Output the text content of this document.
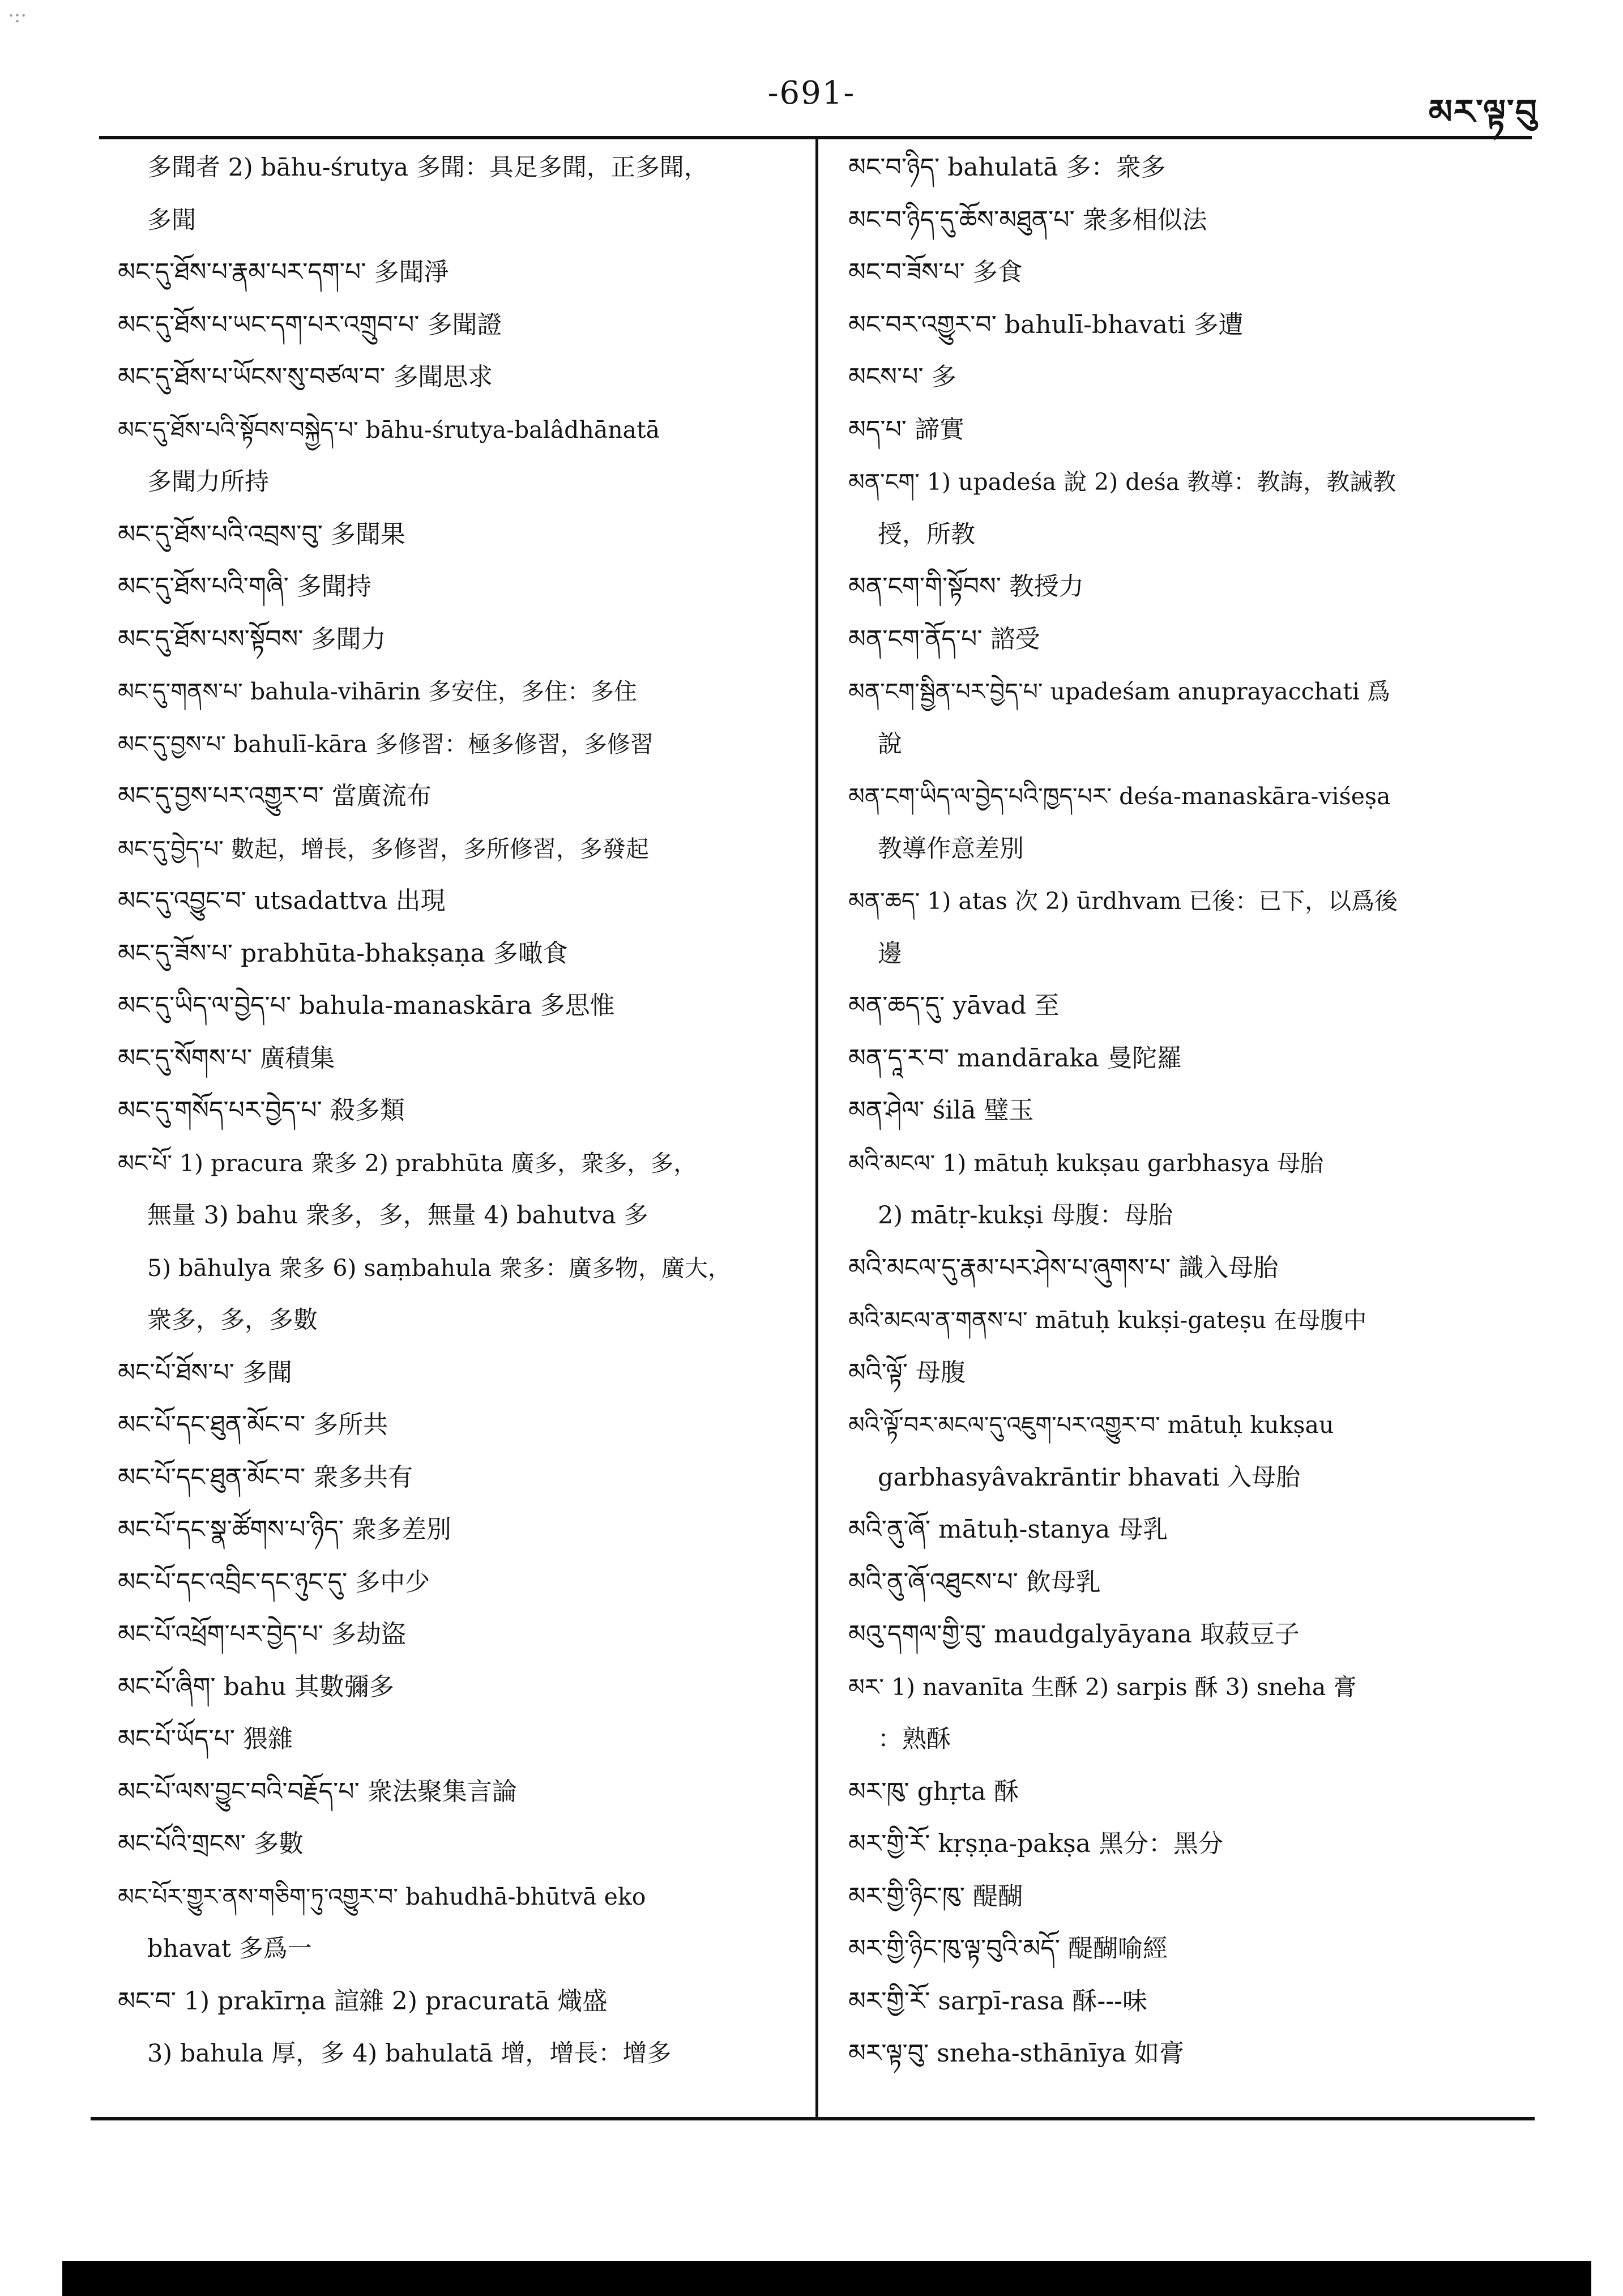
·:·
-691-	མར་ལྟ་བུ
多聞者 2) bāhu-śrutya 多聞：具足多聞，正多聞，
多聞
མང་དུ་ཐོས་པ་རྣམ་པར་དག་པ་ 多聞淨
མང་དུ་ཐོས་པ་ཡང་དག་པར་འགྲུབ་པ་ 多聞證
མང་དུ་ཐོས་པ་ཡོངས་སུ་བཙལ་བ་ 多聞思求
མང་དུ་ཐོས་པའི་སྟོབས་བསྐྱེད་པ་ bāhu-śrutya-balâdhānatā
多聞力所持
མང་དུ་ཐོས་པའི་འབྲས་བུ་ 多聞果
མང་དུ་ཐོས་པའི་གཞི་ 多聞持
མང་དུ་ཐོས་པས་སྟོབས་ 多聞力
མང་དུ་གནས་པ་ bahula-vihārin 多安住，多住：多住
མང་དུ་བྱས་པ་ bahulī-kāra 多修習：極多修習，多修習
མང་དུ་བྱས་པར་འགྱུར་བ་ 當廣流布
མང་དུ་བྱེད་པ་ 數起，增長，多修習，多所修習，多發起
མང་དུ་འབྱུང་བ་ utsadattva 出現
མང་དུ་ཟོས་པ་ prabhūta-bhakṣaṇa 多噉食
མང་དུ་ཡིད་ལ་བྱེད་པ་ bahula-manaskāra 多思惟
མང་དུ་སོགས་པ་ 廣積集
མང་དུ་གསོད་པར་བྱེད་པ་ 殺多類
མང་པོ་ 1) pracura 衆多 2) prabhūta 廣多，衆多，多，
無量 3) bahu 衆多，多，無量 4) bahutva 多
5) bāhulya 衆多 6) saṃbahula 衆多：廣多物，廣大，
衆多，多，多數
མང་པོ་ཐོས་པ་ 多聞
མང་པོ་དང་ཐུན་མོང་བ་ 多所共
མང་པོ་དང་ཐུན་མོང་བ་ 衆多共有
མང་པོ་དང་སྣ་ཚོགས་པ་ཉིད་ 衆多差別
མང་པོ་དང་འབྲིང་དང་ཉུང་དུ་ 多中少
མང་པོ་འཕྲོག་པར་བྱེད་པ་ 多劫盜
མང་པོ་ཞིག་ bahu 其數彌多
མང་པོ་ཡོད་པ་ 猥雜
མང་པོ་ལས་བྱུང་བའི་བརྗོད་པ་ 衆法聚集言論
མང་པོའི་གྲངས་ 多數
མང་པོར་གྱུར་ནས་གཅིག་ཏུ་འགྱུར་བ་ bahudhā-bhūtvā eko
bhavat 多爲一
མང་བ་ 1) prakīrṇa 諠雜 2) pracuratā 熾盛
3) bahula 厚，多 4) bahulatā 增，增長：增多
མང་བ་ཉིད་ bahulatā 多：衆多
མང་བ་ཉིད་དུ་ཆོས་མཐུན་པ་ 衆多相似法
མང་བ་ཟོས་པ་ 多食
མང་བར་འགྱུར་བ་ bahulī-bhavati 多遭
མངས་པ་ 多
མད་པ་ 諦實
མན་ངག་ 1) upadeśa 說 2) deśa 教導：教誨，教誡教
授，所教
མན་ངག་གི་སྟོབས་ 教授力
མན་ངག་ནོད་པ་ 諮受
མན་ངག་སྦྱིན་པར་བྱེད་པ་ upadeśam anuprayacchati 爲
說
མན་ངག་ཡིད་ལ་བྱེད་པའི་ཁྱད་པར་ deśa-manaskāra-viśeṣa
教導作意差別
མན་ཆད་ 1) atas 次 2) ūrdhvam 已後：已下，以爲後
邊
མན་ཆད་དུ་ yāvad 至
མན་དཱ་ར་བ་ mandāraka 曼陀羅
མན་ཤེལ་ śilā 璧玉
མའི་མངལ་ 1) mātuḥ kukṣau garbhasya 母胎
2) mātṛ-kukṣi 母腹：母胎
མའི་མངལ་དུ་རྣམ་པར་ཤེས་པ་ཞུགས་པ་ 識入母胎
མའི་མངལ་ན་གནས་པ་ mātuḥ kukṣi-gateṣu 在母腹中
མའི་ལྟོ་ 母腹
མའི་ལྟོ་བར་མངལ་དུ་འཇུག་པར་འགྱུར་བ་ mātuḥ kukṣau
garbhasyâvakrāntir bhavati 入母胎
མའི་ནུ་ཞོ་ mātuḥ-stanya 母乳
མའི་ནུ་ཞོ་འཐུངས་པ་ 飲母乳
མའུ་དགལ་གྱི་བུ་ maudgalyāyana 取菽豆子
མར་ 1) navanīta 生酥 2) sarpis 酥 3) sneha 膏
：熟酥
མར་ཁུ་ ghṛta 酥
མར་གྱི་རོ་ kṛṣṇa-pakṣa 黑分：黑分
མར་གྱི་ཉིང་ཁུ་ 醍醐
མར་གྱི་ཉིང་ཁུ་ལྟ་བུའི་མདོ་ 醍醐喻經
མར་གྱི་རོ་ sarpī-rasa 酥---味
མར་ལྟ་བུ་ sneha-sthānīya 如膏
